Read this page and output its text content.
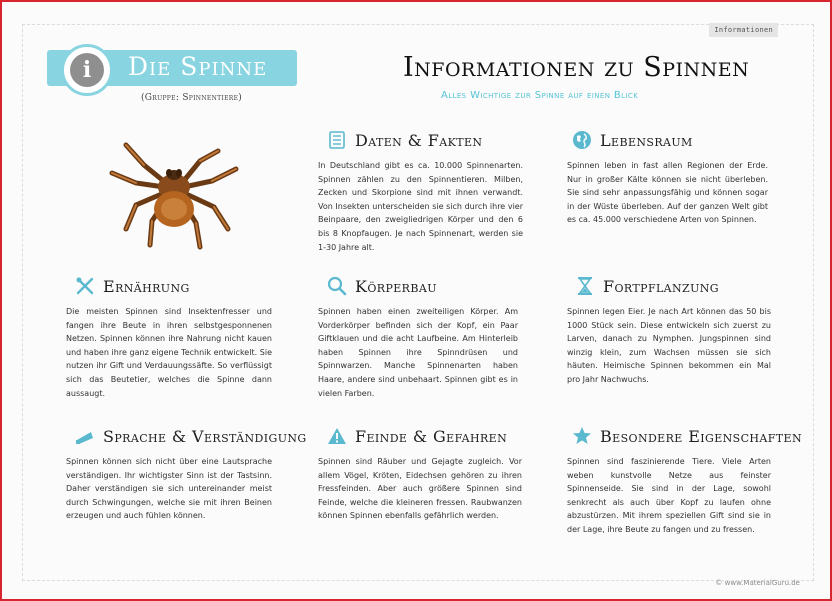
Informationen
i	Die Spinne
(Gruppe: Spinnentiere)
Informationen zu Spinnen
Alles Wichtige zur Spinne auf einen Blick
Daten & Fakten
In Deutschland gibt es ca. 10.000 Spinnenarten. Spinnen zählen zu den Spinnentieren. Milben, Zecken und Skorpione sind mit ihnen verwandt. Von Insekten unterscheiden sie sich durch ihre vier Beinpaare, den zweigliedrigen Körper und den 6 bis 8 Knopfaugen. Je nach Spinnenart, werden sie 1-30 Jahre alt.
Lebensraum
Spinnen leben in fast allen Regionen der Erde. Nur in großer Kälte können sie nicht überleben. Sie sind sehr anpassungsfähig und können sogar in der Wüste überleben. Auf der ganzen Welt gibt es ca. 45.000 verschiedene Arten von Spinnen.
Ernährung
Die meisten Spinnen sind Insektenfresser und fangen ihre Beute in ihren selbstgesponnenen Netzen. Spinnen können ihre Nahrung nicht kauen und haben ihre ganz eigene Technik entwickelt. Sie nutzen ihr Gift und Verdauungssäfte. So verflüssigt sich das Beutetier, welches die Spinne dann aussaugt.
Körperbau
Spinnen haben einen zweiteiligen Körper. Am Vorderkörper befinden sich der Kopf, ein Paar Giftklauen und die acht Laufbeine. Am Hinterleib haben Spinnen ihre Spinndrüsen und Spinnwarzen. Manche Spinnenarten haben Haare, andere sind unbehaart. Spinnen gibt es in vielen Farben.
Fortpflanzung
Spinnen legen Eier. Je nach Art können das 50 bis 1000 Stück sein. Diese entwickeln sich zuerst zu Larven, danach zu Nymphen. Jungspinnen sind winzig klein, zum Wachsen müssen sie sich häuten. Heimische Spinnen bekommen ein Mal pro Jahr Nachwuchs.
Sprache & Verständigung
Spinnen können sich nicht über eine Lautsprache verständigen. Ihr wichtigster Sinn ist der Tastsinn. Daher verständigen sie sich untereinander meist durch Schwingungen, welche sie mit ihren Beinen erzeugen und auch fühlen können.
Feinde & Gefahren
Spinnen sind Räuber und Gejagte zugleich. Vor allem Vögel, Kröten, Eidechsen gehören zu ihren Fressfeinden. Aber auch größere Spinnen sind Feinde, welche die kleineren fressen. Raubwanzen können Spinnen ebenfalls gefährlich werden.
Besondere Eigenschaften
Spinnen sind faszinierende Tiere. Viele Arten weben kunstvolle Netze aus feinster Spinnenseide. Sie sind in der Lage, sowohl senkrecht als auch über Kopf zu laufen ohne abzustürzen. Mit ihrem speziellen Gift sind sie in der Lage, ihre Beute zu fangen und zu fressen.
© www.MaterialGuru.de
